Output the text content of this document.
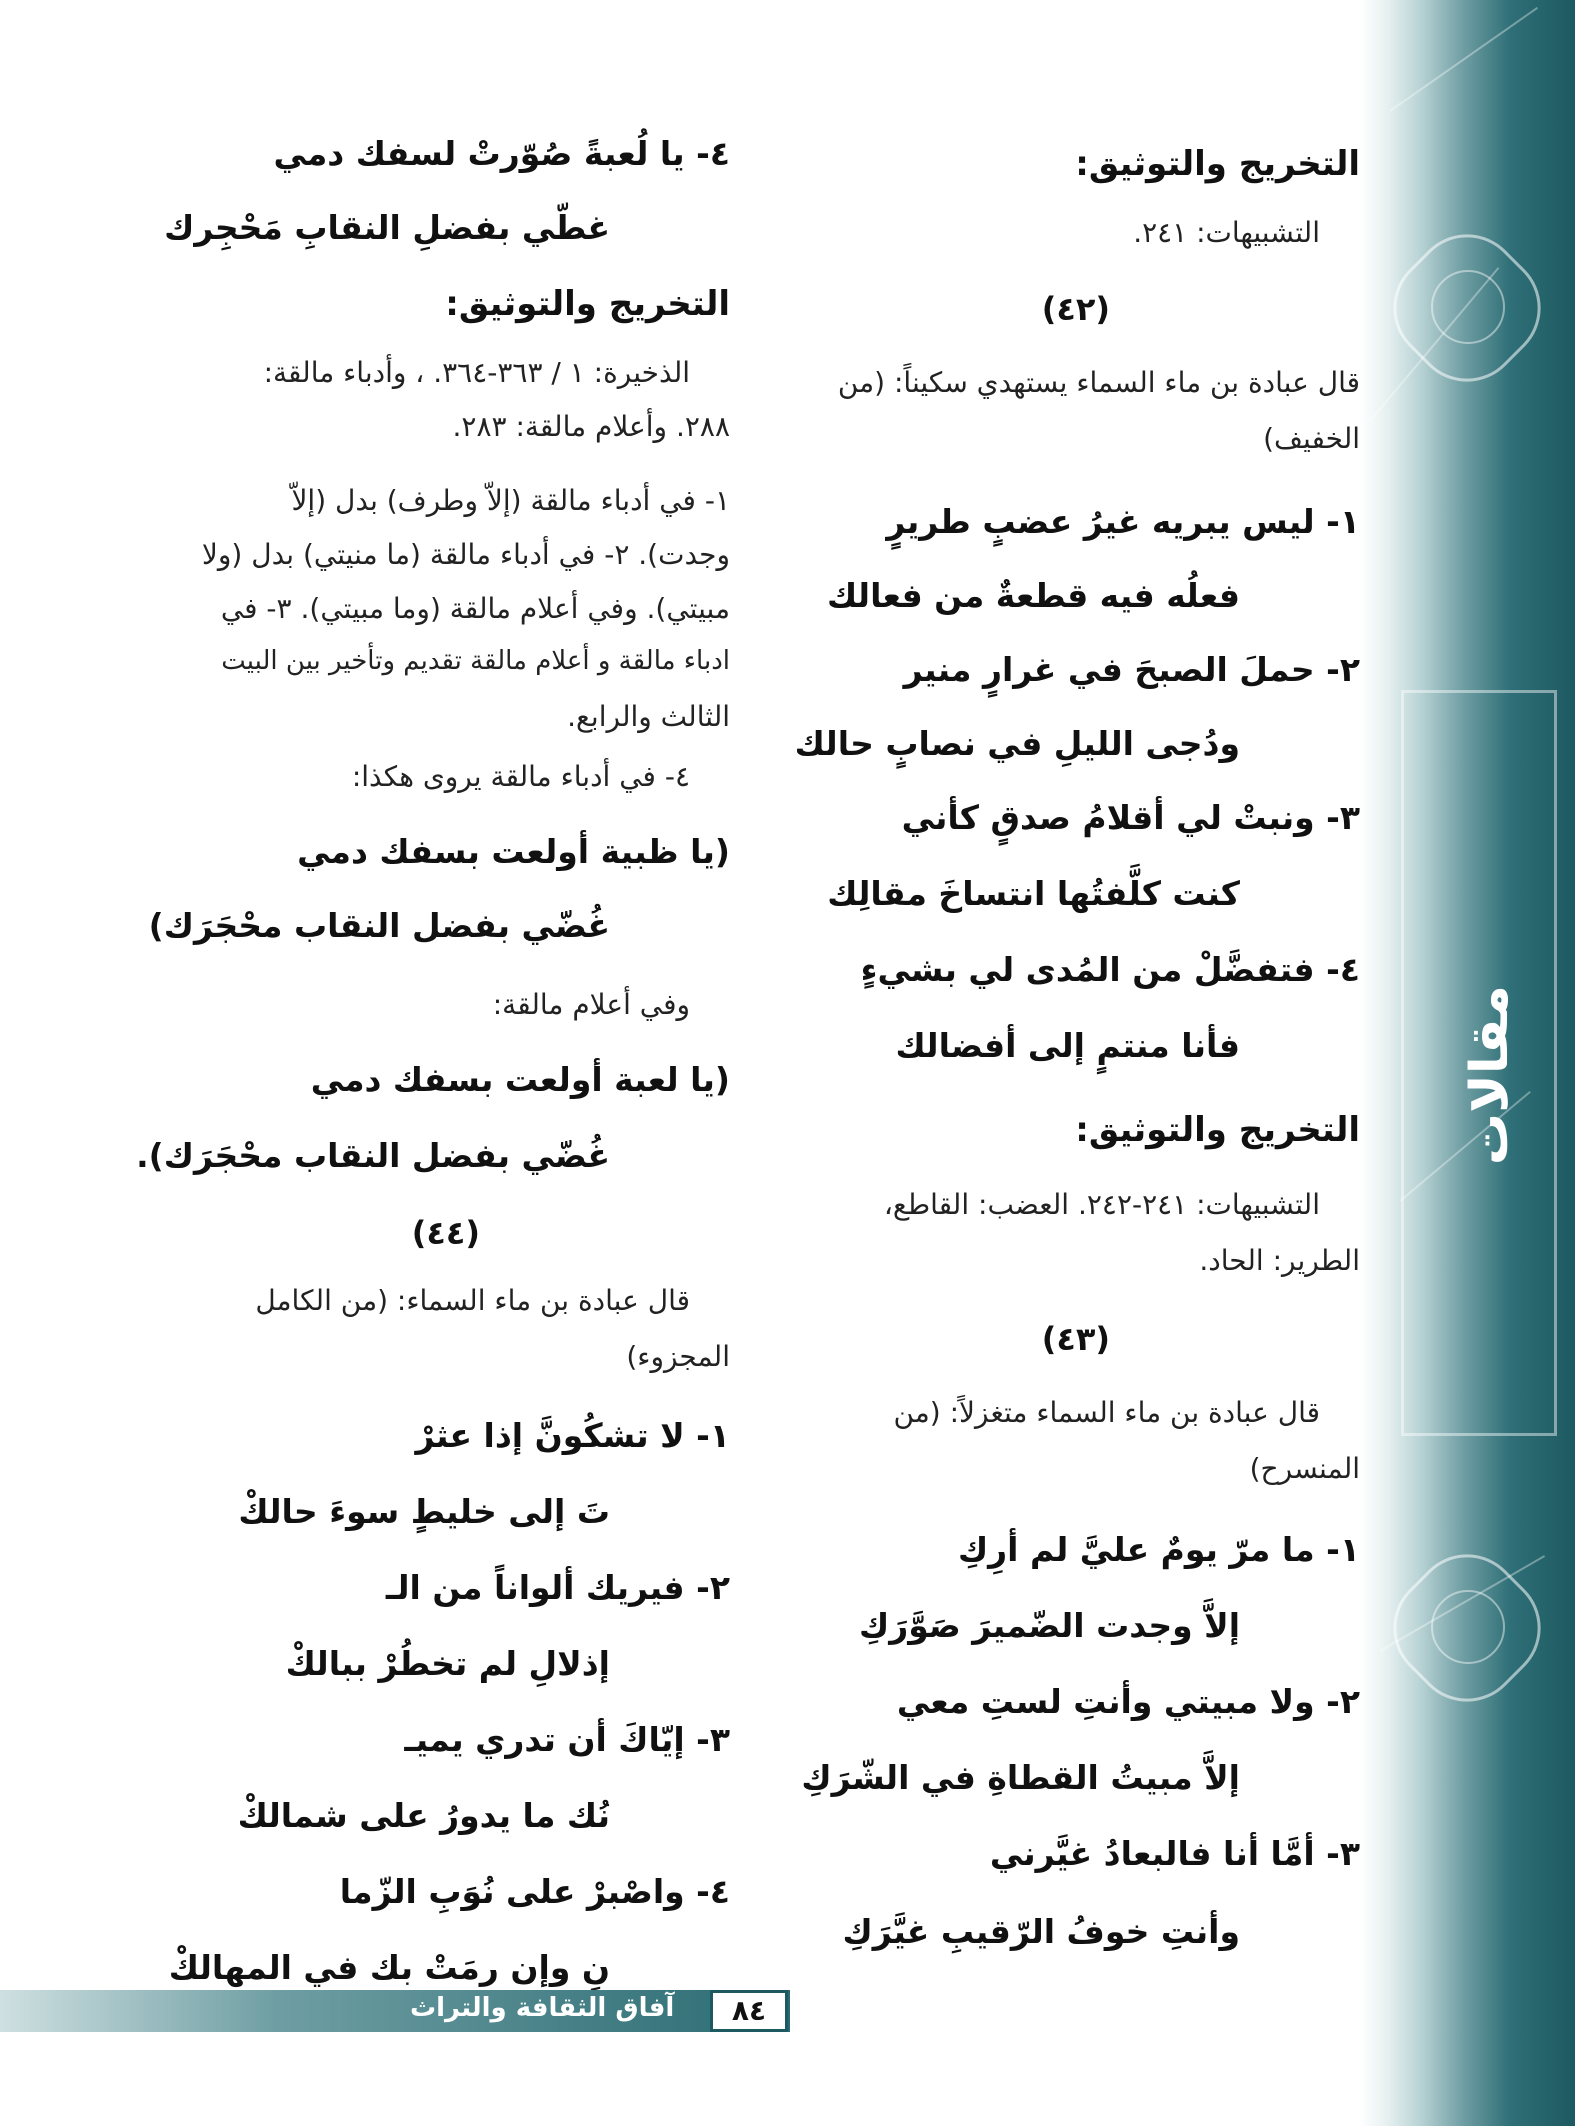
مقالات
التخريج والتوثيق:
التشبيهات: ٢٤١.
(٤٢)
قال عبادة بن ماء السماء يستهدي سكيناً: (من
الخفيف)
١- ليس يبريه غيرُ عضبٍ طريرٍ
فعلُه فيه قطعةٌ من فعالك
٢- حملَ الصبحَ في غرارٍ منير
ودُجى الليلِ في نصابٍ حالك
٣- ونبتْ لي أقلامُ صدقٍ كأني
كنت كلَّفتُها انتساخَ مقالِك
٤- فتفضَّلْ من المُدى لي بشيءٍ
فأنا منتمٍ إلى أفضالك
التخريج والتوثيق:
التشبيهات: ٢٤١-٢٤٢. العضب: القاطع،
الطرير: الحاد.
(٤٣)
قال عبادة بن ماء السماء متغزلاً: (من
المنسرح)
١- ما مرّ يومٌ عليَّ لم أرِكِ
إلاَّ وجدت الضّميرَ صَوَّرَكِ
٢- ولا مبيتي وأنتِ لستِ معي
إلاَّ مبيتُ القطاةِ في الشّرَكِ
٣- أمَّا أنا فالبعادُ غيَّرني
وأنتِ خوفُ الرّقيبِ غيَّرَكِ
٤- يا لُعبةً صُوّرتْ لسفك دمي
غطّي بفضلِ النقابِ مَحْجِرك
التخريج والتوثيق:
الذخيرة: ١ / ٣٦٣-٣٦٤. ، وأدباء مالقة:
٢٨٨. وأعلام مالقة: ٢٨٣.
١- في أدباء مالقة (إلاّ وطرف) بدل (إلاّ
وجدت). ٢- في أدباء مالقة (ما منيتي) بدل (ولا
مبيتي). وفي أعلام مالقة (وما مبيتي). ٣- في
ادباء مالقة و أعلام مالقة تقديم وتأخير بين البيت
الثالث والرابع.
٤- في أدباء مالقة يروى هكذا:
(يا ظبية أولعت بسفك دمي
غُضّي بفضل النقاب محْجَرَك)
وفي أعلام مالقة:
(يا لعبة أولعت بسفك دمي
غُضّي بفضل النقاب محْجَرَك).
(٤٤)
قال عبادة بن ماء السماء: (من الكامل
المجزوء)
١- لا تشكُونَّ إذا عثرْ
تَ إلى خليطٍ سوءَ حالكْ
٢- فيريك ألواناً من الـ
إذلالِ لم تخطُرْ ببالكْ
٣- إيّاكَ أن تدري يميـ
نُك ما يدورُ على شمالكْ
٤- واصْبرْ على نُوَبِ الزّما
نِ وإن رمَتْ بك في المهالكْ
آفاق الثقافة والتراث	٨٤
